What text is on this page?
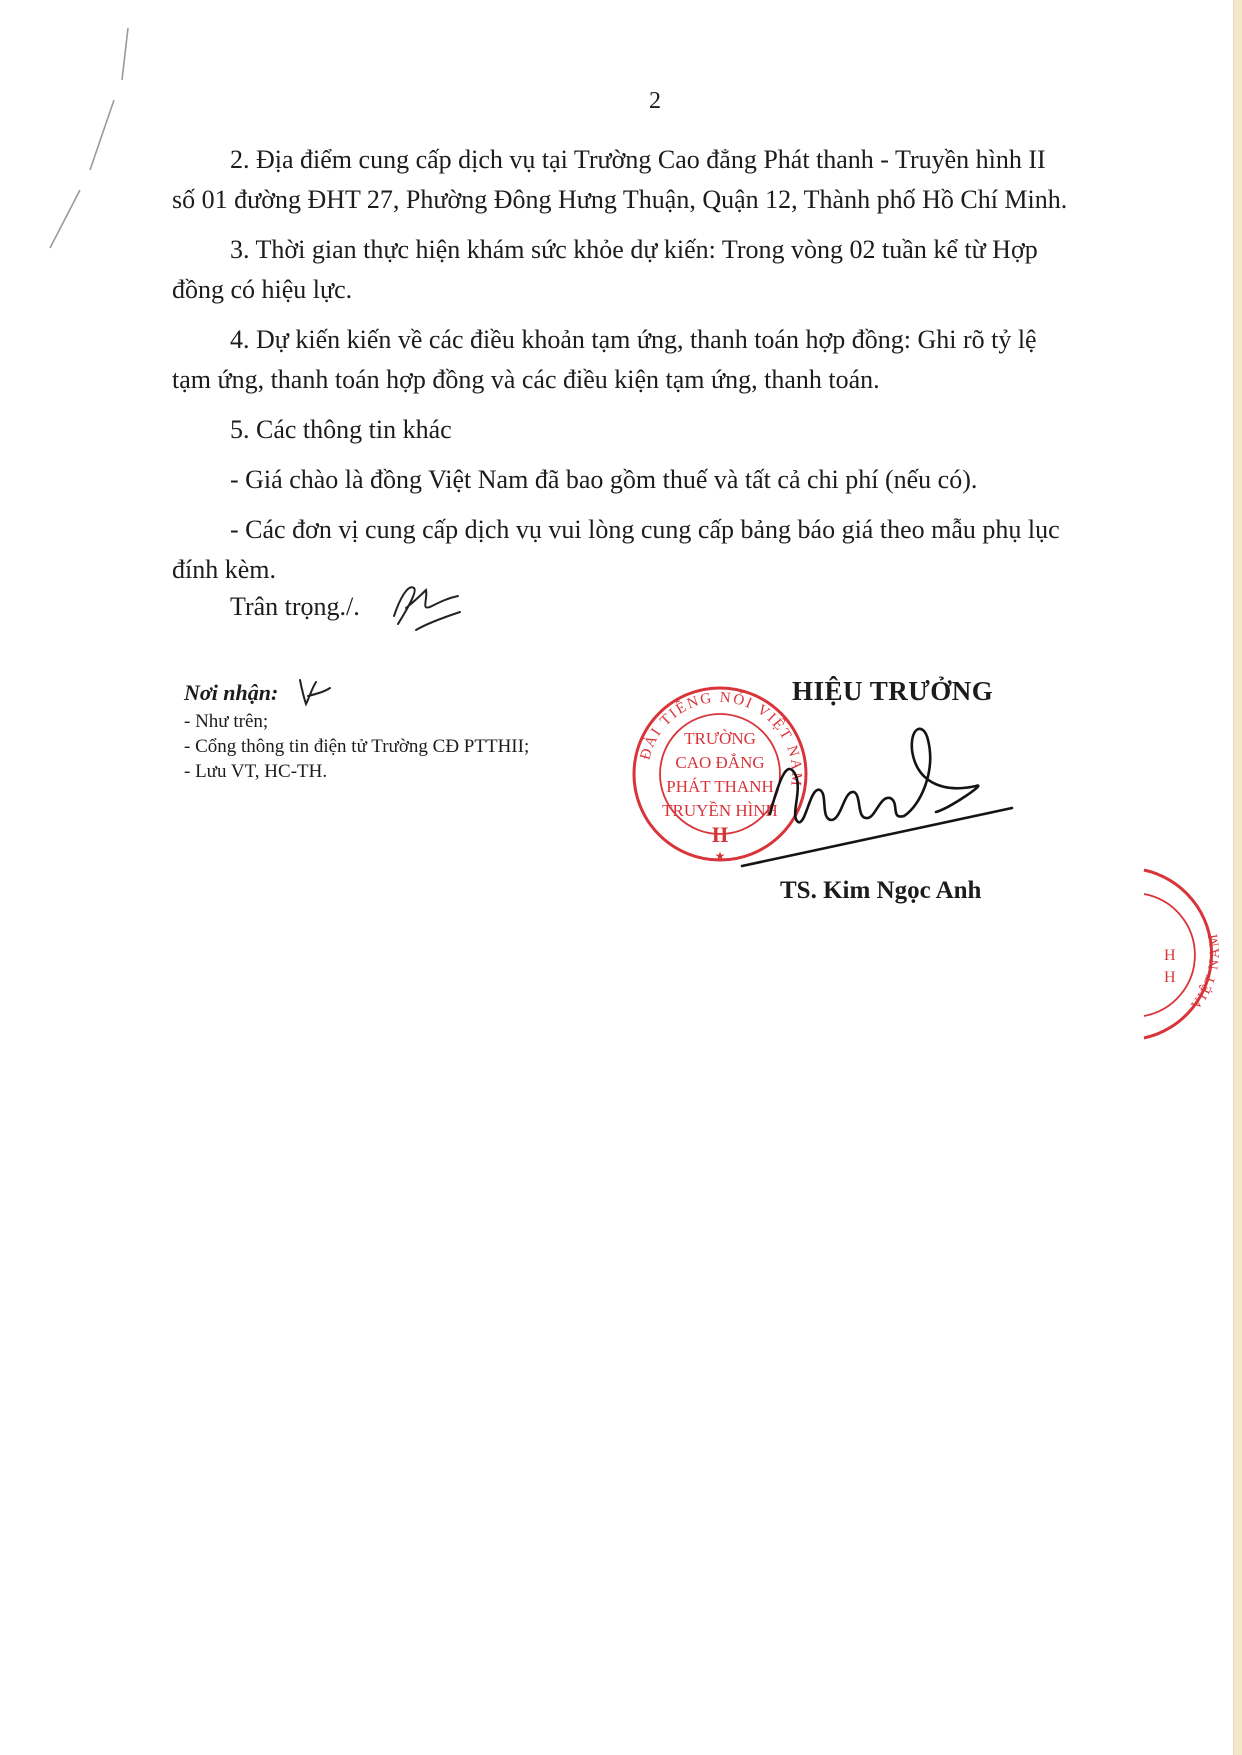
2

2. Địa điểm cung cấp dịch vụ tại Trường Cao đẳng Phát thanh - Truyền hình II
số 01 đường ĐHT 27, Phường Đông Hưng Thuận, Quận 12, Thành phố Hồ Chí Minh.

3. Thời gian thực hiện khám sức khỏe dự kiến: Trong vòng 02 tuần kể từ Hợp
đồng có hiệu lực.

4. Dự kiến kiến về các điều khoản tạm ứng, thanh toán hợp đồng: Ghi rõ tỷ lệ
tạm ứng, thanh toán hợp đồng và các điều kiện tạm ứng, thanh toán.

5. Các thông tin khác

- Giá chào là đồng Việt Nam đã bao gồm thuế và tất cả chi phí (nếu có).

- Các đơn vị cung cấp dịch vụ vui lòng cung cấp bảng báo giá theo mẫu phụ lục
đính kèm.

Trân trọng./.
Nơi nhận:

- Như trên;

- Cổng thông tin điện tử Trường CĐ PTTHII;

- Lưu VT, HC-TH.

ĐÀI TIẾNG NÓI VIỆT NAM
TRƯỜNG
CAO ĐẲNG
PHÁT THANH
TRUYỀN HÌNH
II
★
HIỆU TRƯỞNG
TS. Kim Ngọc Anh
VIỆT NAM
H
H
